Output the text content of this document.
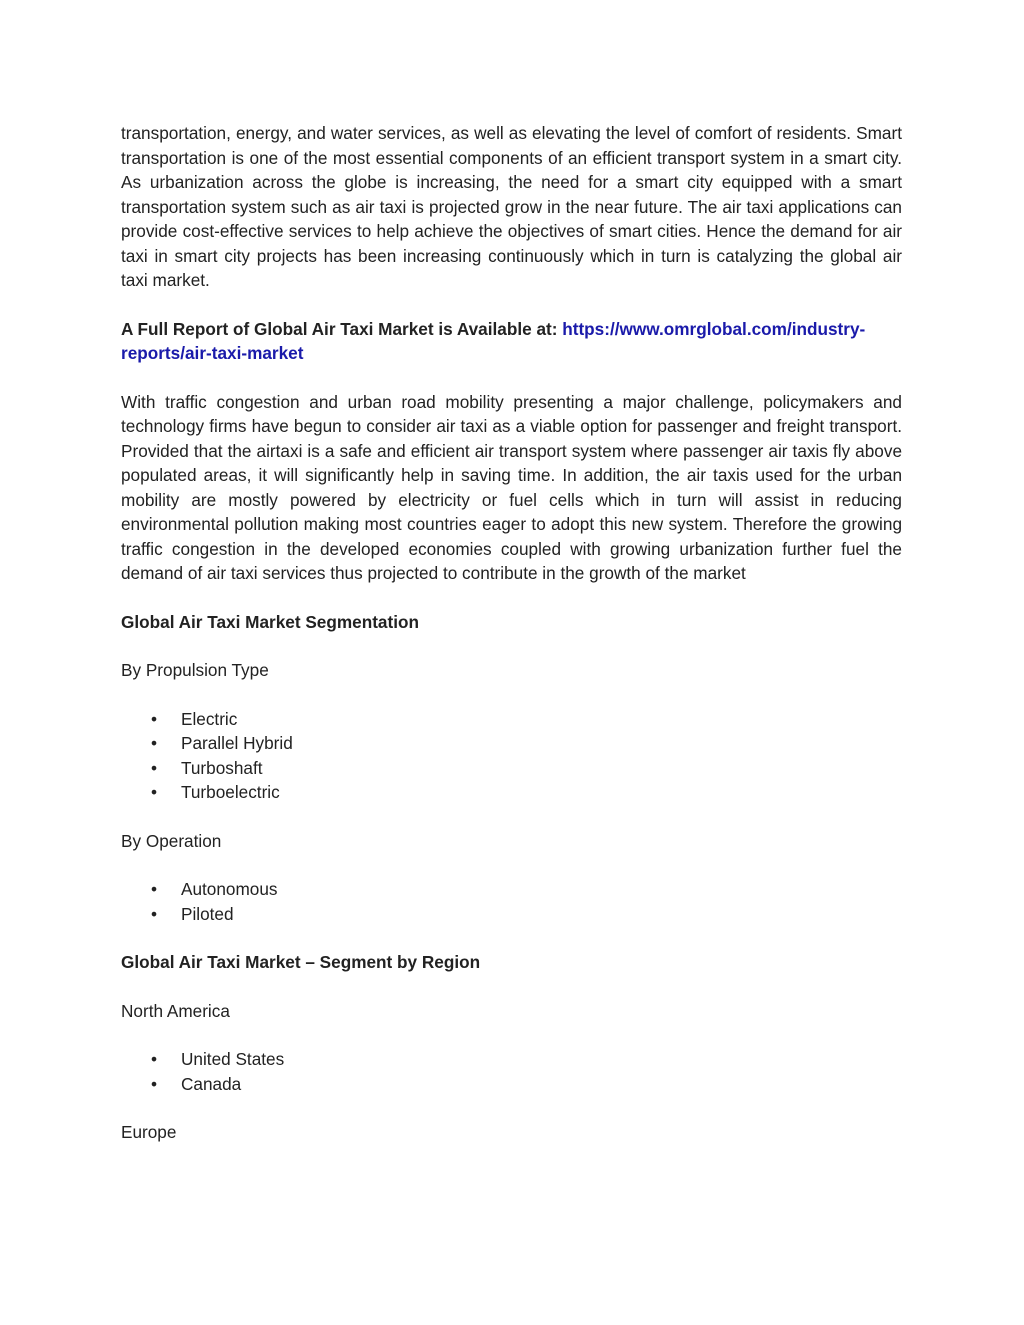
transportation, energy, and water services, as well as elevating the level of comfort of residents. Smart transportation is one of the most essential components of an efficient transport system in a smart city. As urbanization across the globe is increasing, the need for a smart city equipped with a smart transportation system such as air taxi is projected grow in the near future. The air taxi applications can provide cost-effective services to help achieve the objectives of smart cities. Hence the demand for air taxi in smart city projects has been increasing continuously which in turn is catalyzing the global air taxi market.

A Full Report of Global Air Taxi Market is Available at: https://www.omrglobal.com/industry-reports/air-taxi-market

With traffic congestion and urban road mobility presenting a major challenge, policymakers and technology firms have begun to consider air taxi as a viable option for passenger and freight transport. Provided that the airtaxi is a safe and efficient air transport system where passenger air taxis fly above populated areas, it will significantly help in saving time. In addition, the air taxis used for the urban mobility are mostly powered by electricity or fuel cells which in turn will assist in reducing environmental pollution making most countries eager to adopt this new system. Therefore the growing traffic congestion in the developed economies coupled with growing urbanization further fuel the demand of air taxi services thus projected to contribute in the growth of the market

Global Air Taxi Market Segmentation

By Propulsion Type

• Electric
• Parallel Hybrid
• Turboshaft
• Turboelectric

By Operation

• Autonomous
• Piloted

Global Air Taxi Market – Segment by Region

North America

• United States
• Canada

Europe
